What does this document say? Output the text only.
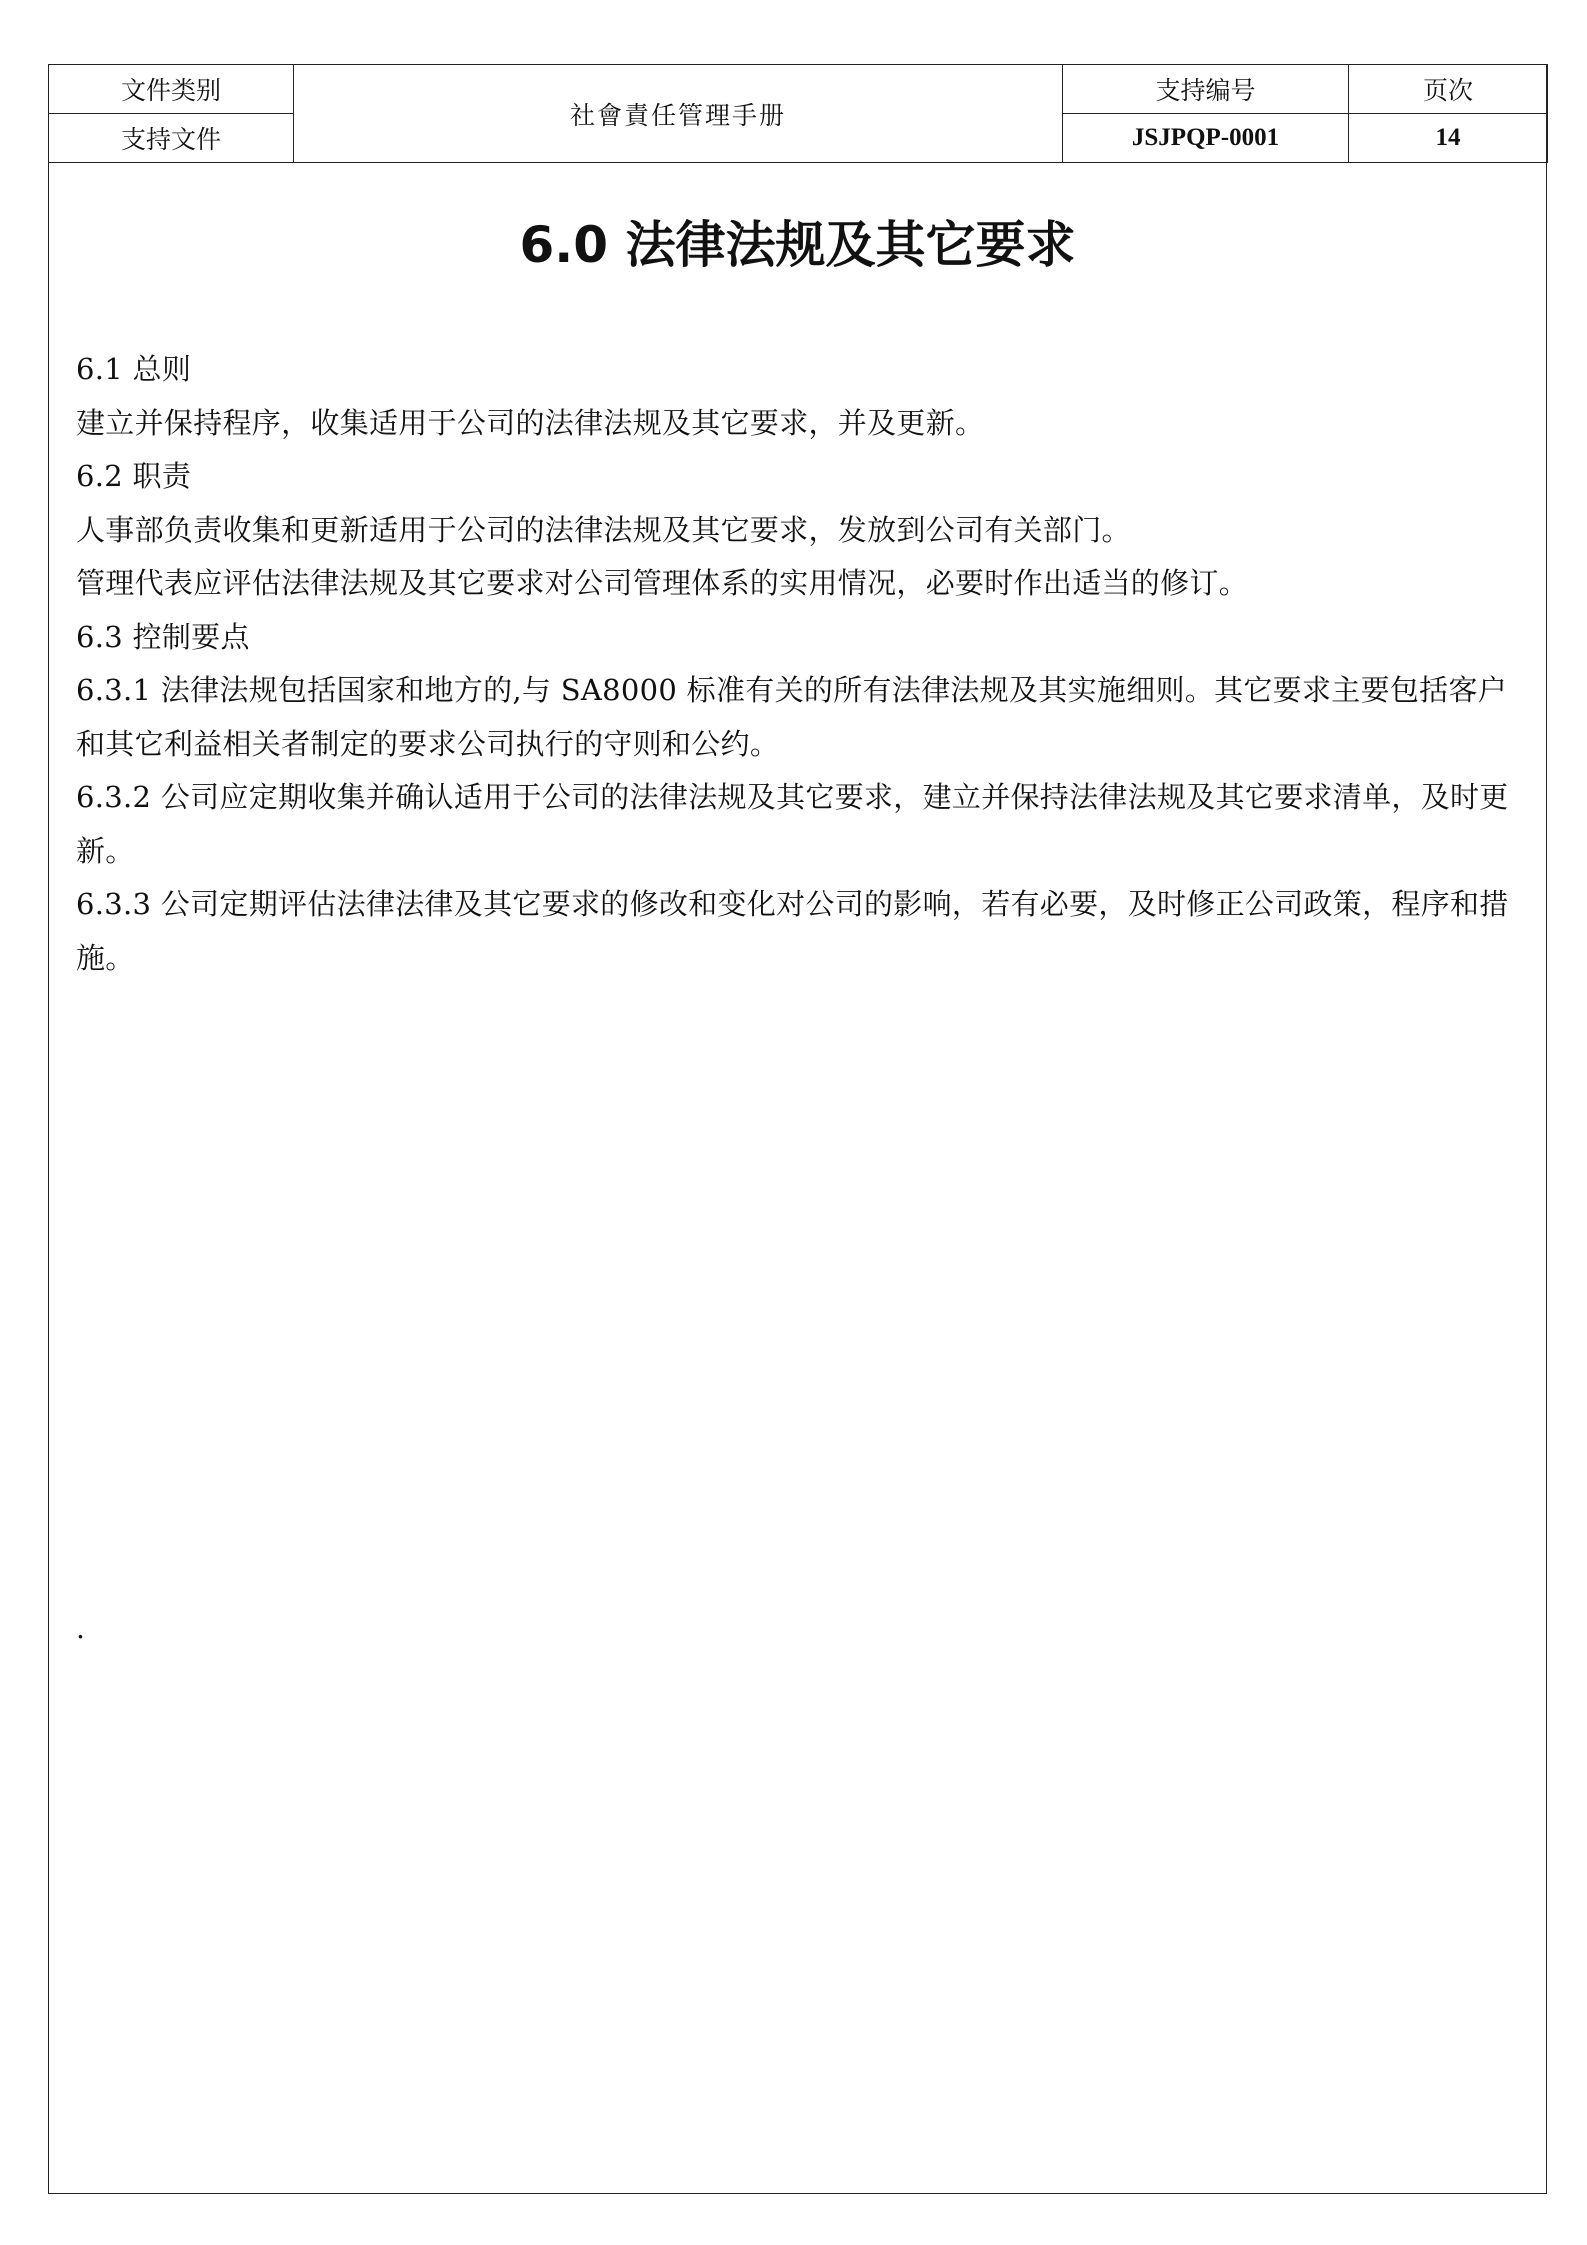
文件类别	社會責任管理手册	支持编号	页次
支持文件		JSJPQP-0001	14
6.0 法律法规及其它要求

6.1 总则

建立并保持程序，收集适用于公司的法律法规及其它要求，并及更新。

6.2 职责

人事部负责收集和更新适用于公司的法律法规及其它要求，发放到公司有关部门。

管理代表应评估法律法规及其它要求对公司管理体系的实用情况，必要时作出适当的修订。

6.3 控制要点

6.3.1 法律法规包括国家和地方的,与 SA8000 标准有关的所有法律法规及其实施细则。其它要求主要包括客户和其它利益相关者制定的要求公司执行的守则和公约。

6.3.2 公司应定期收集并确认适用于公司的法律法规及其它要求，建立并保持法律法规及其它要求清单，及时更新。

6.3.3 公司定期评估法律法律及其它要求的修改和变化对公司的影响，若有必要，及时修正公司政策，程序和措施。

.
